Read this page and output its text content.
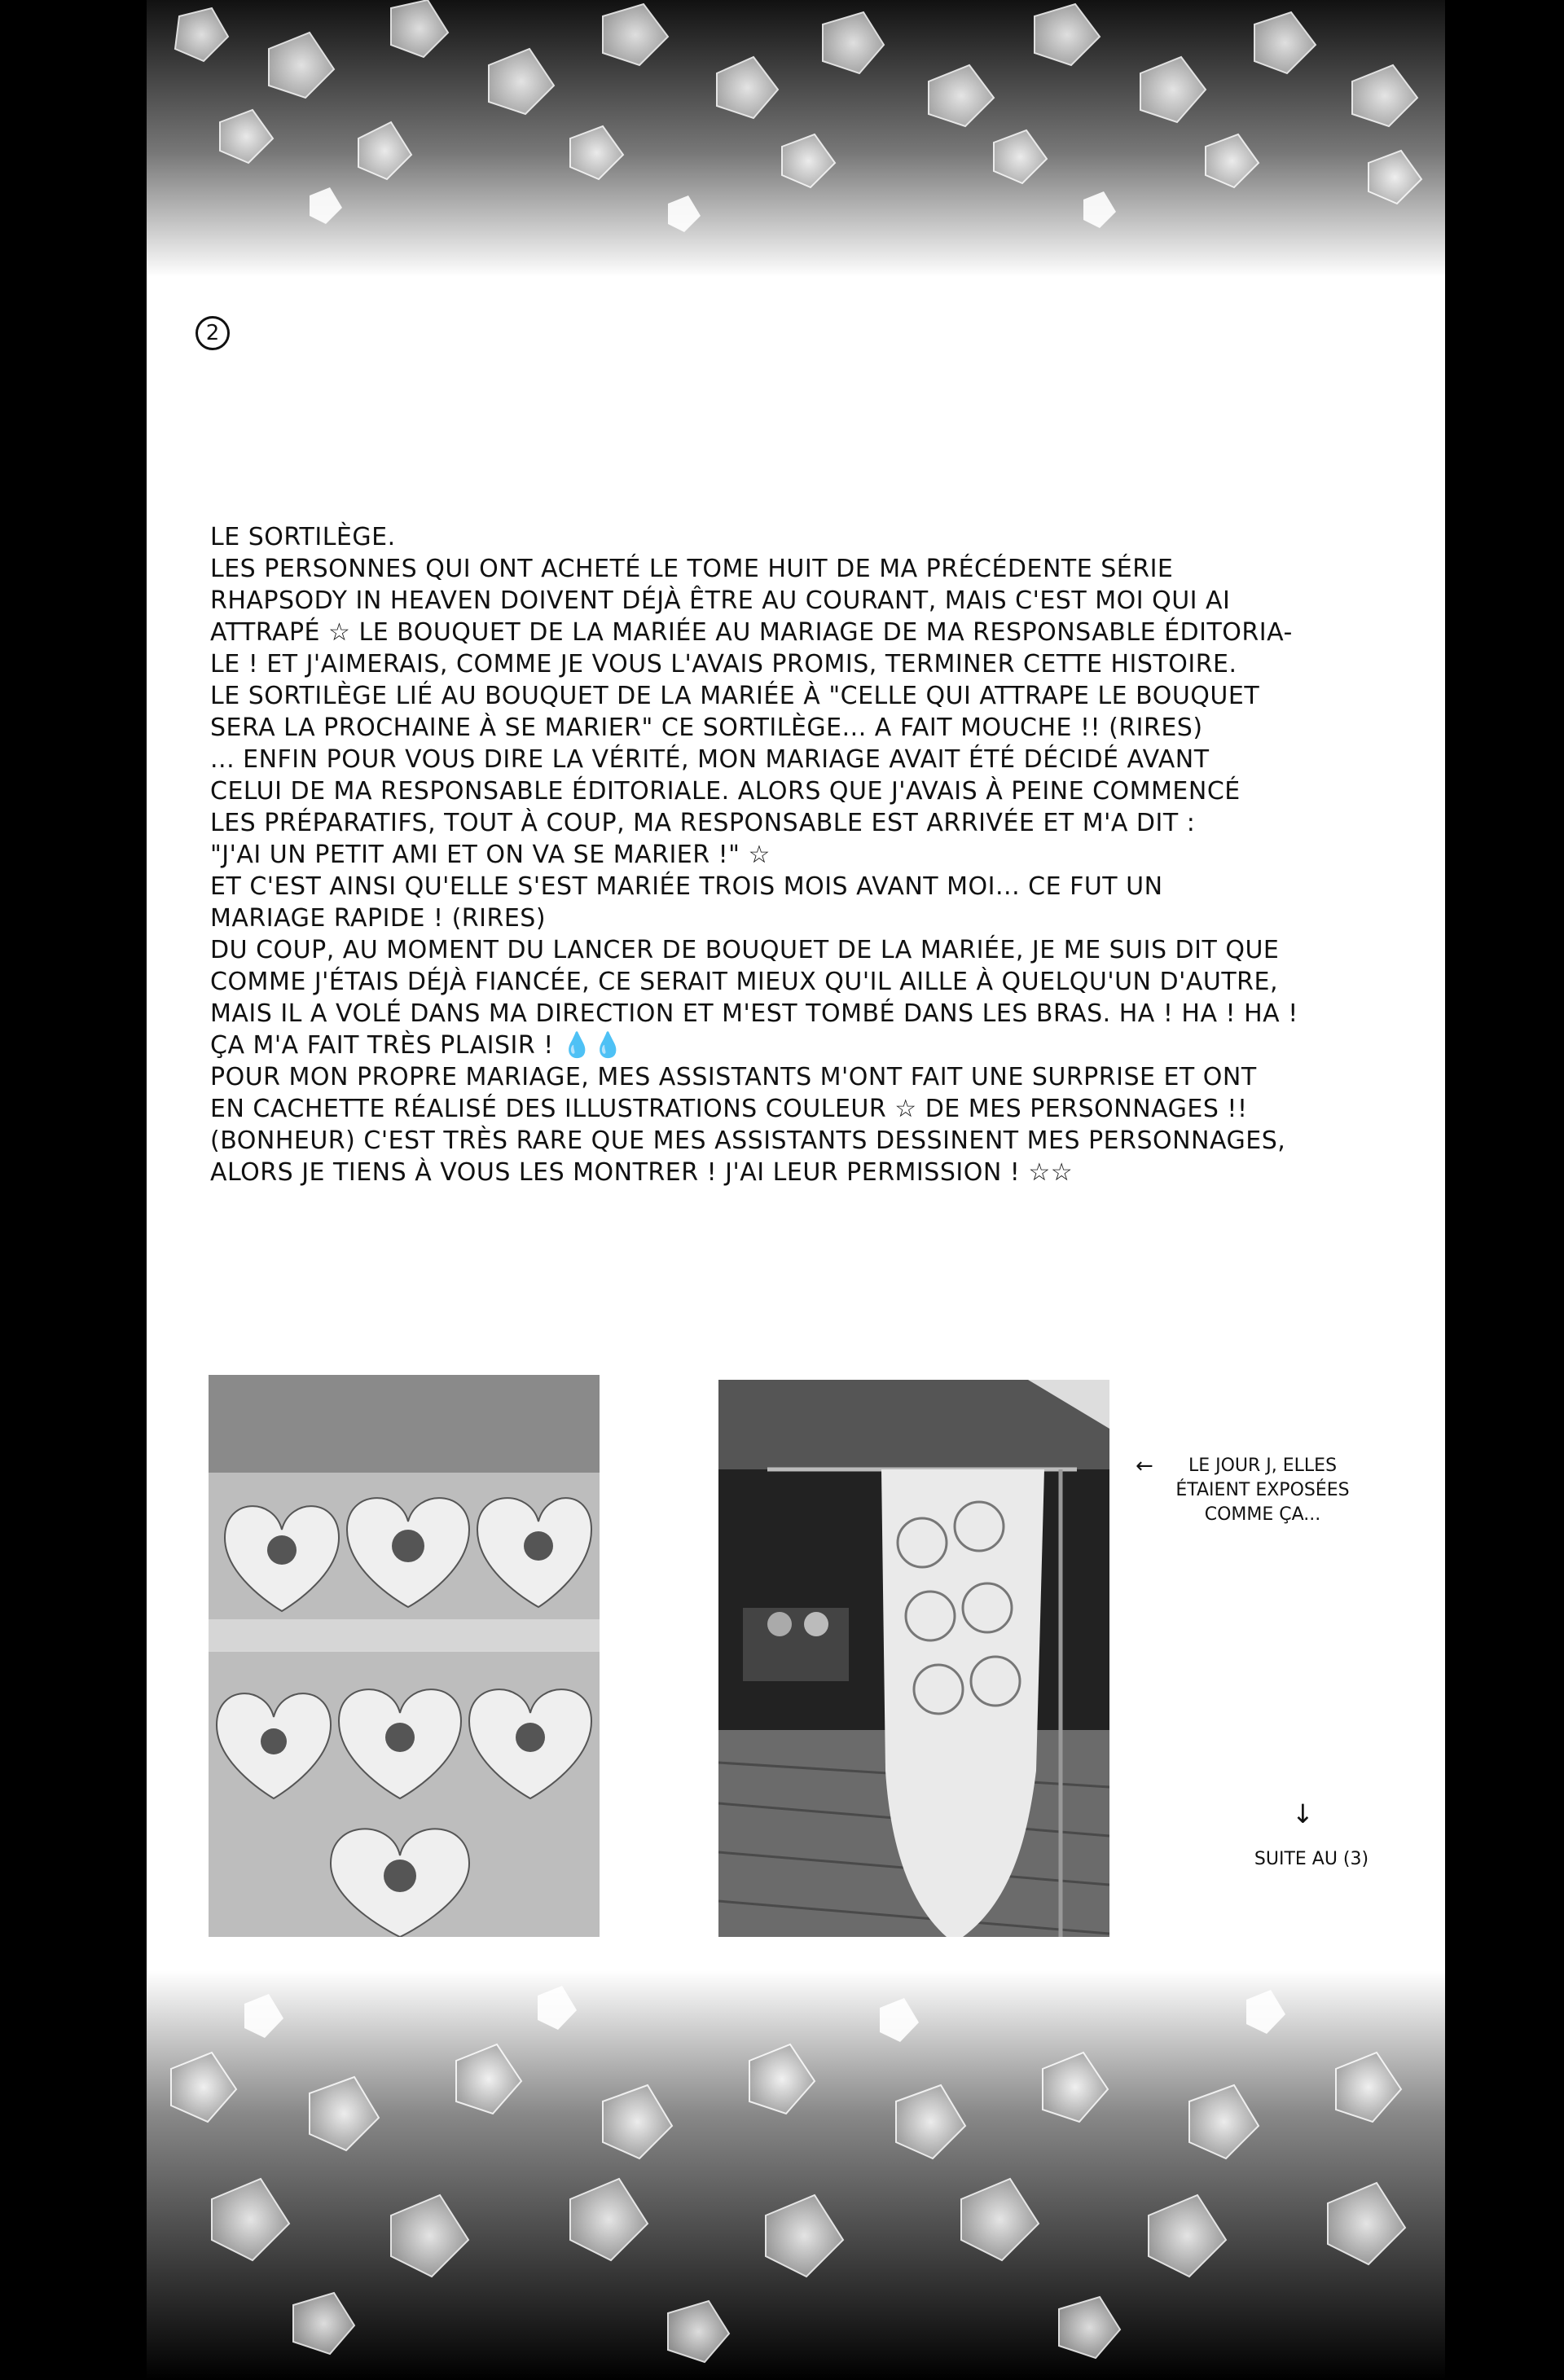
2

LE SORTILÈGE.

LES PERSONNES QUI ONT ACHETÉ LE TOME HUIT DE MA PRÉCÉDENTE SÉRIE

RHAPSODY IN HEAVEN DOIVENT DÉJÀ ÊTRE AU COURANT, MAIS C'EST MOI QUI AI

ATTRAPÉ ☆ LE BOUQUET DE LA MARIÉE AU MARIAGE DE MA RESPONSABLE ÉDITORIA-

LE ! ET J'AIMERAIS, COMME JE VOUS L'AVAIS PROMIS, TERMINER CETTE HISTOIRE.

LE SORTILÈGE LIÉ AU BOUQUET DE LA MARIÉE À "CELLE QUI ATTRAPE LE BOUQUET

SERA LA PROCHAINE À SE MARIER" CE SORTILÈGE... A FAIT MOUCHE !! (RIRES)

... ENFIN POUR VOUS DIRE LA VÉRITÉ, MON MARIAGE AVAIT ÉTÉ DÉCIDÉ AVANT

CELUI DE MA RESPONSABLE ÉDITORIALE. ALORS QUE J'AVAIS À PEINE COMMENCÉ

LES PRÉPARATIFS, TOUT À COUP, MA RESPONSABLE EST ARRIVÉE ET M'A DIT :

"J'AI UN PETIT AMI ET ON VA SE MARIER !" ☆

ET C'EST AINSI QU'ELLE S'EST MARIÉE TROIS MOIS AVANT MOI... CE FUT UN

MARIAGE RAPIDE ! (RIRES)

DU COUP, AU MOMENT DU LANCER DE BOUQUET DE LA MARIÉE, JE ME SUIS DIT QUE

COMME J'ÉTAIS DÉJÀ FIANCÉE, CE SERAIT MIEUX QU'IL AILLE À QUELQU'UN D'AUTRE,

MAIS IL A VOLÉ DANS MA DIRECTION ET M'EST TOMBÉ DANS LES BRAS. HA ! HA ! HA !

ÇA M'A FAIT TRÈS PLAISIR ! 💧💧

POUR MON PROPRE MARIAGE, MES ASSISTANTS M'ONT FAIT UNE SURPRISE ET ONT

EN CACHETTE RÉALISÉ DES ILLUSTRATIONS COULEUR ☆ DE MES PERSONNAGES !!

(BONHEUR) C'EST TRÈS RARE QUE MES ASSISTANTS DESSINENT MES PERSONNAGES,

ALORS JE TIENS À VOUS LES MONTRER ! J'AI LEUR PERMISSION ! ☆☆

←	LE JOUR J, ELLES
ÉTAIENT EXPOSÉES
COMME ÇA...
↓
SUITE AU (3)
